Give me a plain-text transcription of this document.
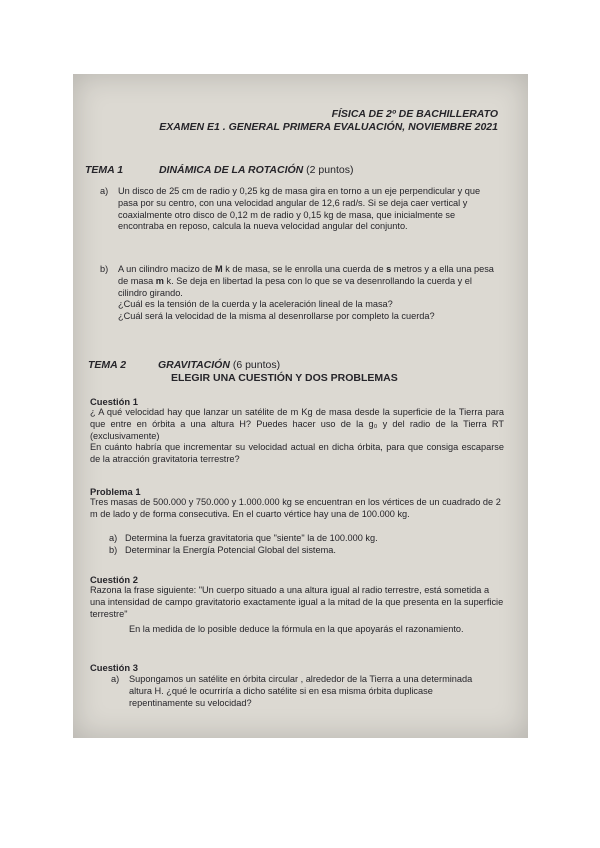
FÍSICA DE 2º DE BACHILLERATO
EXAMEN E1 . GENERAL PRIMERA EVALUACIÓN, NOVIEMBRE 2021
TEMA 1	DINÁMICA DE LA ROTACIÓN (2 puntos)
a) Un disco de 25 cm de radio y 0,25 kg de masa gira en torno a un eje perpendicular y que pasa por su centro, con una velocidad angular de 12,6 rad/s. Si se deja caer vertical y coaxialmente otro disco de 0,12 m de radio y 0,15 kg de masa, que inicialmente se encontraba en reposo, calcula la nueva velocidad angular del conjunto.
b) A un cilindro macizo de M k de masa, se le enrolla una cuerda de s metros y a ella una pesa de masa m k. Se deja en libertad la pesa con lo que se va desenrollando la cuerda y el cilindro girando.
¿Cuál es la tensión de la cuerda y la aceleración lineal de la masa?
¿Cuál será la velocidad de la misma al desenrollarse por completo la cuerda?
TEMA 2	GRAVITACIÓN (6 puntos)
ELEGIR UNA CUESTIÓN Y DOS PROBLEMAS
Cuestión 1
¿ A qué velocidad hay que lanzar un satélite de m Kg de masa desde la superficie de la Tierra para que entre en órbita a una altura H? Puedes hacer uso de la g₀ y del radio de la Tierra RT (exclusivamente)
En cuánto habría que incrementar su velocidad actual en dicha órbita, para que consiga escaparse de la atracción gravitatoria terrestre?
Problema 1
Tres masas de 500.000 y 750.000 y 1.000.000 kg se encuentran en los vértices de un cuadrado de 2 m de lado y de forma consecutiva. En el cuarto vértice hay una de 100.000 kg.
a) Determina la fuerza gravitatoria que "siente" la de 100.000 kg.
b) Determinar la Energía Potencial Global del sistema.
Cuestión 2
Razona la frase siguiente: "Un cuerpo situado a una altura igual al radio terrestre, está sometida a una intensidad de campo gravitatorio exactamente igual a la mitad de la que presenta en la superficie terrestre"
En la medida de lo posible deduce la fórmula en la que apoyarás el razonamiento.
Cuestión 3
a) Supongamos un satélite en órbita circular , alrededor de la Tierra a una determinada altura H. ¿qué le ocurriría a dicho satélite si en esa misma órbita duplicase repentinamente su velocidad?
